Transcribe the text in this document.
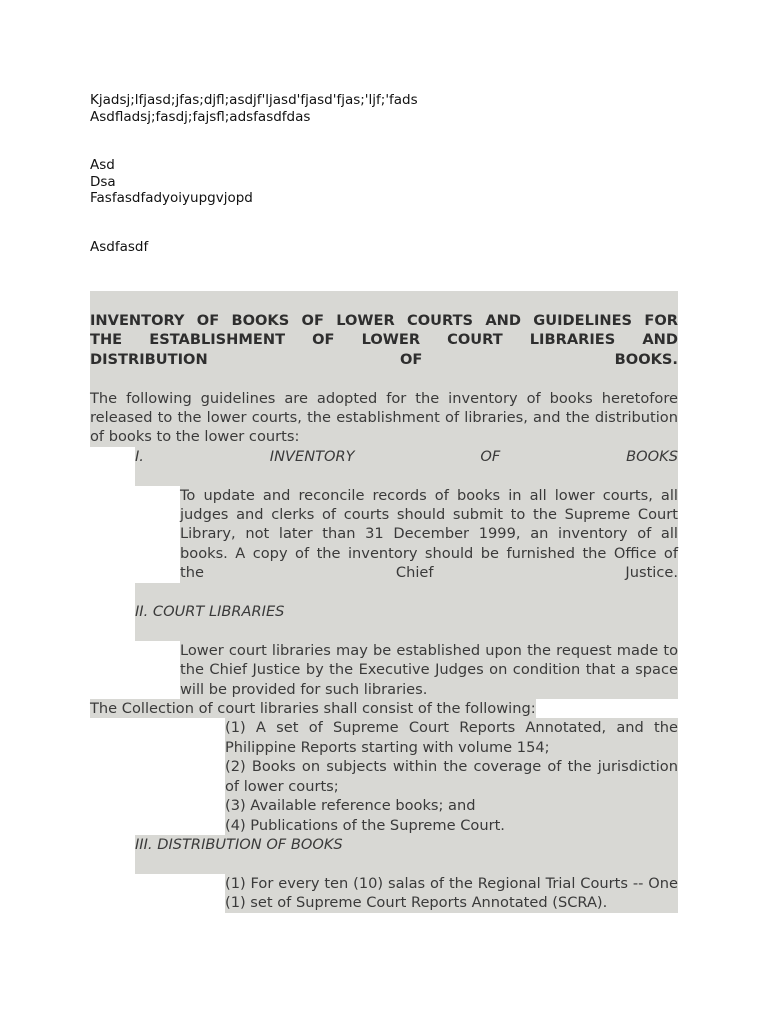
Kjadsj;lfjasd;jfas;djfl;asdjf'ljasd'fjasd'fjas;'ljf;'fads
Asdfladsj;fasdj;fajsfl;adsfasdfdas
Asd
Dsa
Fasfasdfadyoiyupgvjopd
Asdfasdf
INVENTORY OF BOOKS OF LOWER COURTS AND GUIDELINES FOR
THE ESTABLISHMENT OF LOWER COURT LIBRARIES AND
DISTRIBUTION	OF	BOOKS.
The following guidelines are adopted for the inventory of books heretofore released to the lower courts, the establishment of libraries, and the distribution of books to the lower courts:
I.	INVENTORY	OF	BOOKS
To update and reconcile records of books in all lower courts, all judges and clerks of courts should submit to the Supreme Court Library, not later than 31 December 1999, an inventory of all books. A copy of the inventory should be furnished the Office of
the	Chief	Justice.
II. COURT LIBRARIES
Lower court libraries may be established upon the request made to the Chief Justice by the Executive Judges on condition that a space will be provided for such libraries.
The Collection of court libraries shall consist of the following:
(1) A set of Supreme Court Reports Annotated, and the Philippine Reports starting with volume 154;
(2) Books on subjects within the coverage of the jurisdiction of lower courts;
(3) Available reference books; and
(4) Publications of the Supreme Court.
III. DISTRIBUTION OF BOOKS
(1) For every ten (10) salas of the Regional Trial Courts -- One (1) set of Supreme Court Reports Annotated (SCRA).
